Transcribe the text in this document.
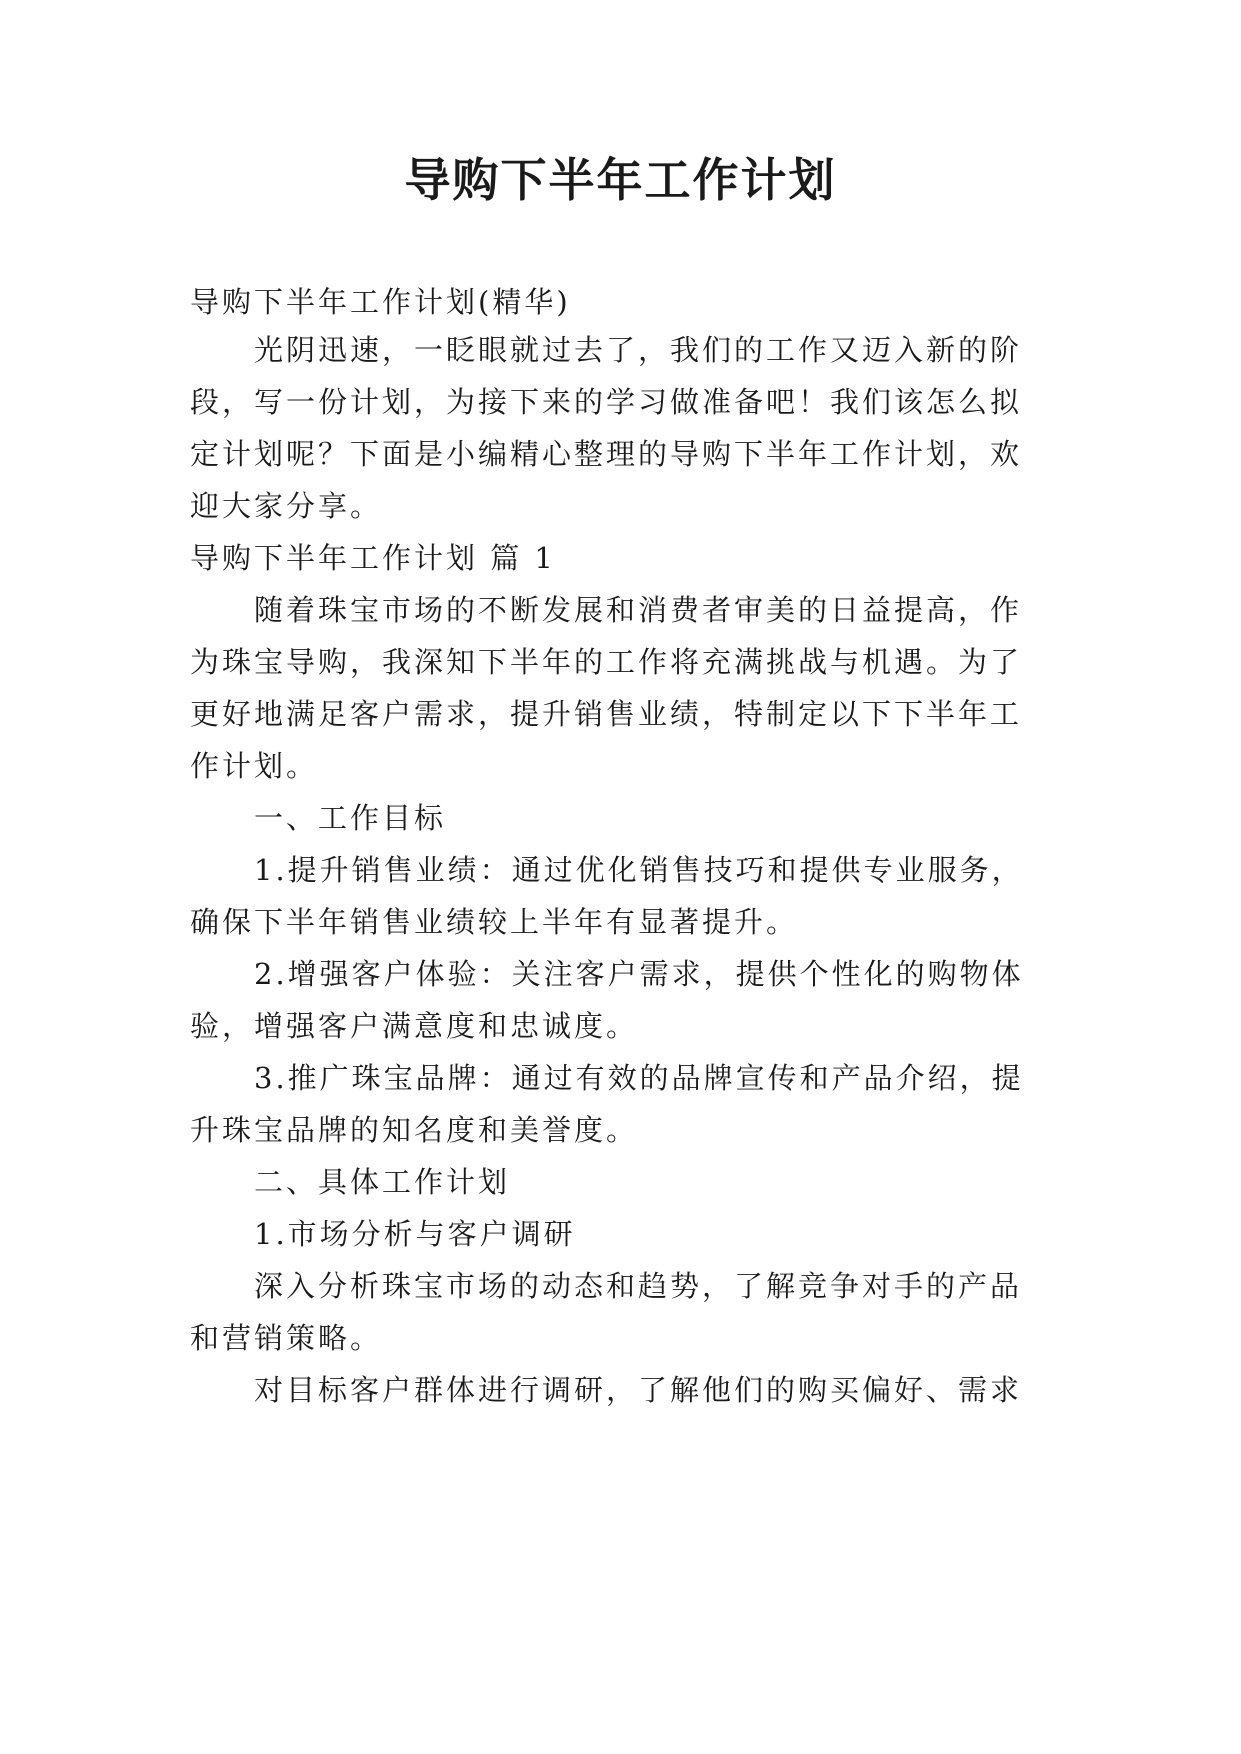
导购下半年工作计划

导购下半年工作计划(精华)

光阴迅速，一眨眼就过去了，我们的工作又迈入新的阶

段，写一份计划，为接下来的学习做准备吧！我们该怎么拟

定计划呢？下面是小编精心整理的导购下半年工作计划，欢

迎大家分享。

导购下半年工作计划 篇 1

随着珠宝市场的不断发展和消费者审美的日益提高，作

为珠宝导购，我深知下半年的工作将充满挑战与机遇。为了

更好地满足客户需求，提升销售业绩，特制定以下下半年工

作计划。

一、工作目标

1.提升销售业绩：通过优化销售技巧和提供专业服务，

确保下半年销售业绩较上半年有显著提升。

2.增强客户体验：关注客户需求，提供个性化的购物体

验，增强客户满意度和忠诚度。

3.推广珠宝品牌：通过有效的品牌宣传和产品介绍，提

升珠宝品牌的知名度和美誉度。

二、具体工作计划

1.市场分析与客户调研

深入分析珠宝市场的动态和趋势，了解竞争对手的产品

和营销策略。

对目标客户群体进行调研，了解他们的购买偏好、需求
